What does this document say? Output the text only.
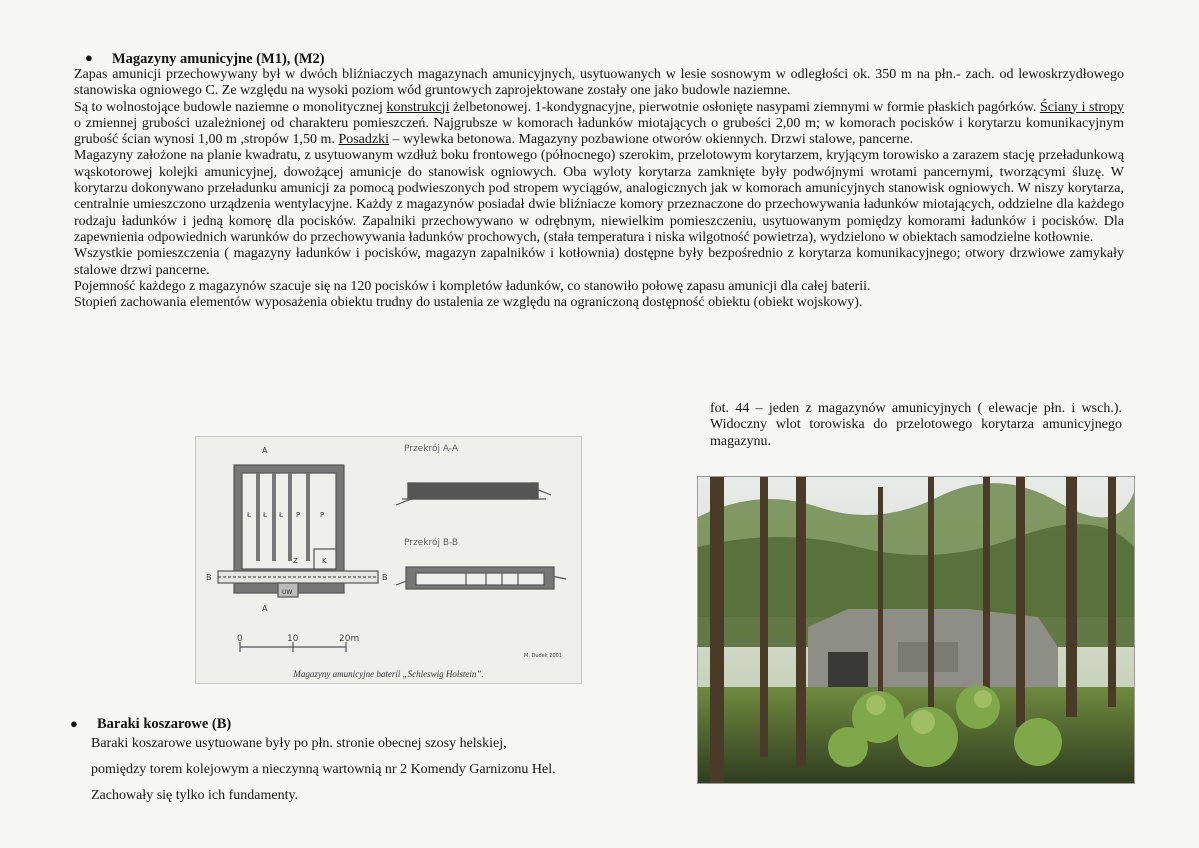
● Magazyny amunicyjne (M1), (M2)

Zapas amunicji przechowywany był w dwóch bliźniaczych magazynach amunicyjnych, usytuowanych w lesie sosnowym w odległości ok. 350 m na płn.- zach. od lewoskrzydłowego stanowiska ogniowego C. Ze względu na wysoki poziom wód gruntowych zaprojektowane zostały one jako budowle naziemne.

Są to wolnostojące budowle naziemne o monolitycznej konstrukcji żelbetonowej. 1-kondygnacyjne, pierwotnie osłonięte nasypami ziemnymi w formie płaskich pagórków. Ściany i stropy o zmiennej grubości uzależnionej od charakteru pomieszczeń. Najgrubsze w komorach ładunków miotających o grubości 2,00 m; w komorach pocisków i korytarzu komunikacyjnym grubość ścian wynosi 1,00 m ,stropów 1,50 m. Posadzki – wylewka betonowa. Magazyny pozbawione otworów okiennych. Drzwi stalowe, pancerne.

Magazyny założone na planie kwadratu, z usytuowanym wzdłuż boku frontowego (północnego) szerokim, przelotowym korytarzem, kryjącym torowisko a zarazem stację przeładunkową wąskotorowej kolejki amunicyjnej, dowożącej amunicje do stanowisk ogniowych. Oba wyloty korytarza zamknięte były podwójnymi wrotami pancernymi, tworzącymi śluzę. W korytarzu dokonywano przeładunku amunicji za pomocą podwieszonych pod stropem wyciągów, analogicznych jak w komorach amunicyjnych stanowisk ogniowych. W niszy korytarza, centralnie umieszczono urządzenia wentylacyjne. Każdy z magazynów posiadał dwie bliźniacze komory przeznaczone do przechowywania ładunków miotających, oddzielne dla każdego rodzaju ładunków i jedną komorę dla pocisków. Zapalniki przechowywano w odrębnym, niewielkim pomieszczeniu, usytuowanym pomiędzy komorami ładunków i pocisków. Dla zapewnienia odpowiednich warunków do przechowywania ładunków prochowych, (stała temperatura i niska wilgotność powietrza), wydzielono w obiektach samodzielne kotłownie.

Wszystkie pomieszczenia ( magazyny ładunków i pocisków, magazyn zapalników i kotłownia) dostępne były bezpośrednio z korytarza komunikacyjnego; otwory drzwiowe zamykały stalowe drzwi pancerne.

Pojemność każdego z magazynów szacuje się na 120 pocisków i kompletów ładunków, co stanowiło połowę zapasu amunicji dla całej baterii.

Stopień zachowania elementów wyposażenia obiektu trudny do ustalenia ze względu na ograniczoną dostępność obiektu (obiekt wojskowy).

Przekrój A-A
Przekrój B-B
A
A
B	B
Ł Ł Ł P	P
K
Z
UW
0	10	20m
M. Dudek 2001
Magazyny amunicyjne baterii „Schleswig Holstein”.
fot. 44 – jeden z magazynów amunicyjnych ( elewacje płn. i wsch.). Widoczny wlot torowiska do przelotowego korytarza amunicyjnego magazynu.
● Baraki koszarowe (B)

Baraki koszarowe usytuowane były po płn. stronie obecnej szosy helskiej,

pomiędzy torem kolejowym a nieczynną wartownią nr 2 Komendy Garnizonu Hel.

Zachowały się tylko ich fundamenty.
